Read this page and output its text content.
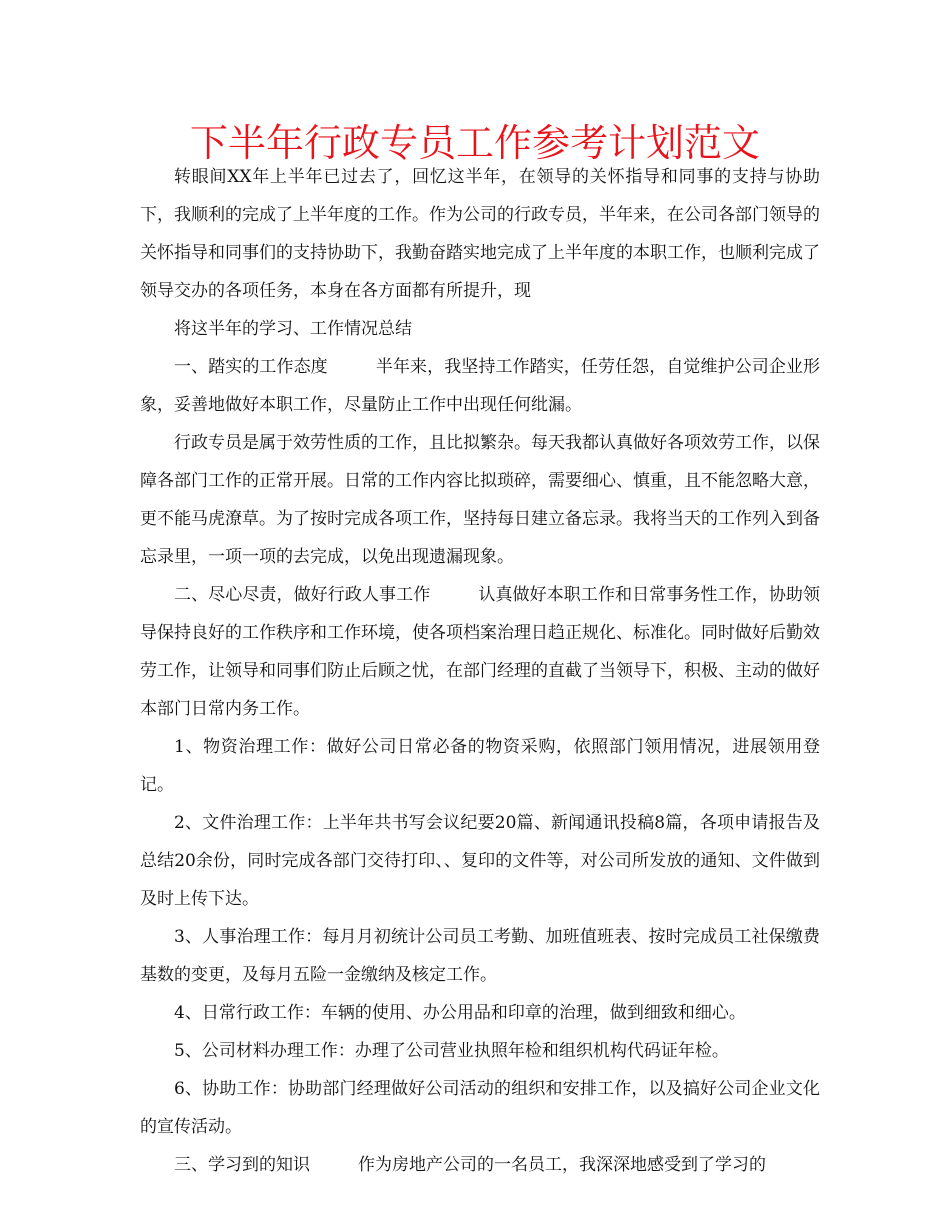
下半年行政专员工作参考计划范文

转眼间XX年上半年已过去了，回忆这半年，在领导的关怀指导和同事的支持与协助下，我顺利的完成了上半年度的工作。作为公司的行政专员，半年来，在公司各部门领导的关怀指导和同事们的支持协助下，我勤奋踏实地完成了上半年度的本职工作，也顺利完成了领导交办的各项任务，本身在各方面都有所提升，现

将这半年的学习、工作情况总结

一、踏实的工作态度	半年来，我坚持工作踏实，任劳任怨，自觉维护公司企业形象，妥善地做好本职工作，尽量防止工作中出现任何纰漏。

行政专员是属于效劳性质的工作，且比拟繁杂。每天我都认真做好各项效劳工作，以保障各部门工作的正常开展。日常的工作内容比拟琐碎，需要细心、慎重，且不能忽略大意，更不能马虎潦草。为了按时完成各项工作，坚持每日建立备忘录。我将当天的工作列入到备忘录里，一项一项的去完成，以免出现遗漏现象。

二、尽心尽责，做好行政人事工作	认真做好本职工作和日常事务性工作，协助领导保持良好的工作秩序和工作环境，使各项档案治理日趋正规化、标准化。同时做好后勤效劳工作，让领导和同事们防止后顾之忧，在部门经理的直截了当领导下，积极、主动的做好本部门日常内务工作。

1、物资治理工作：做好公司日常必备的物资采购，依照部门领用情况，进展领用登记。

2、文件治理工作：上半年共书写会议纪要20篇、新闻通讯投稿8篇，各项申请报告及总结20余份，同时完成各部门交待打印、、复印的文件等，对公司所发放的通知、文件做到及时上传下达。

3、人事治理工作：每月月初统计公司员工考勤、加班值班表、按时完成员工社保缴费基数的变更，及每月五险一金缴纳及核定工作。

4、日常行政工作：车辆的使用、办公用品和印章的治理，做到细致和细心。

5、公司材料办理工作：办理了公司营业执照年检和组织机构代码证年检。

6、协助工作：协助部门经理做好公司活动的组织和安排工作，以及搞好公司企业文化的宣传活动。

三、学习到的知识	作为房地产公司的一名员工，我深深地感受到了学习的
